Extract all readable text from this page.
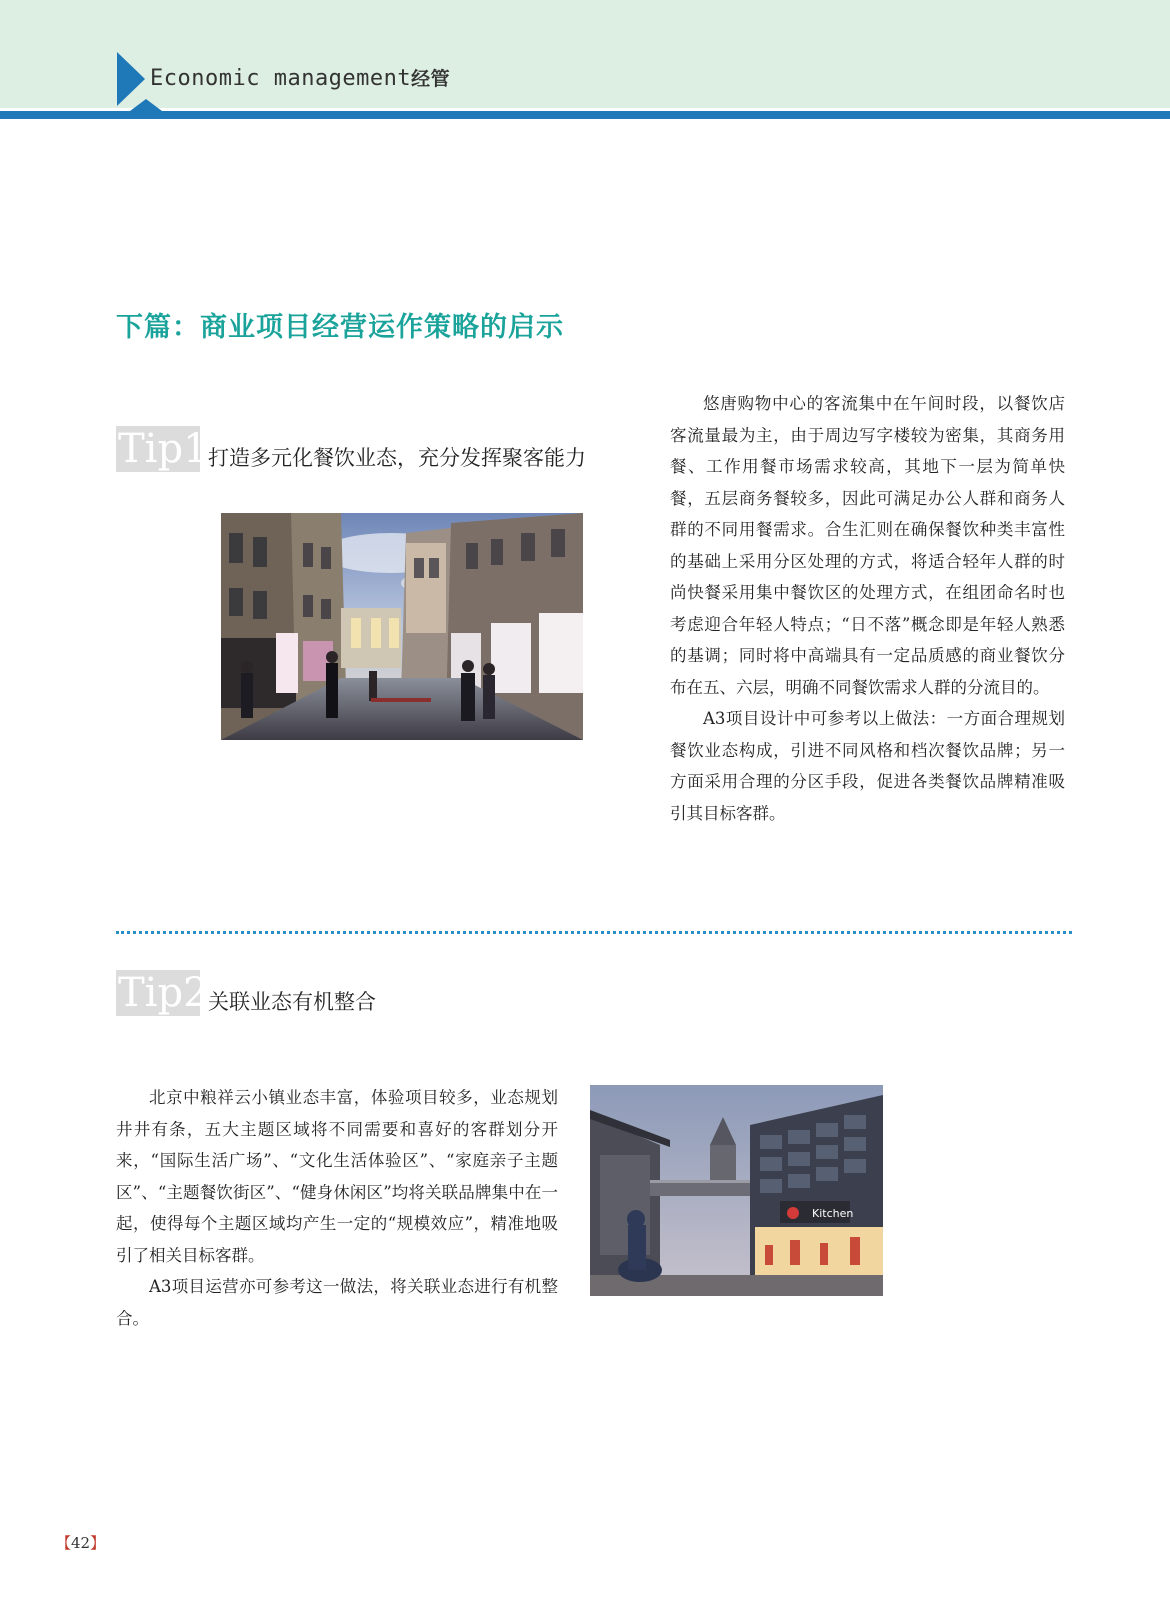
Economic management经管
下篇：商业项目经营运作策略的启示
Tip1 打造多元化餐饮业态，充分发挥聚客能力

悠唐购物中心的客流集中在午间时段，以餐饮店客流量最为主，由于周边写字楼较为密集，其商务用餐、工作用餐市场需求较高，其地下一层为简单快餐，五层商务餐较多，因此可满足办公人群和商务人群的不同用餐需求。合生汇则在确保餐饮种类丰富性的基础上采用分区处理的方式，将适合轻年人群的时尚快餐采用集中餐饮区的处理方式，在组团命名时也考虑迎合年轻人特点；“日不落”概念即是年轻人熟悉的基调；同时将中高端具有一定品质感的商业餐饮分布在五、六层，明确不同餐饮需求人群的分流目的。

A3项目设计中可参考以上做法：一方面合理规划餐饮业态构成，引进不同风格和档次餐饮品牌；另一方面采用合理的分区手段，促进各类餐饮品牌精准吸引其目标客群。

Tip2 关联业态有机整合

北京中粮祥云小镇业态丰富，体验项目较多，业态规划井井有条，五大主题区域将不同需要和喜好的客群划分开来，“国际生活广场”、“文化生活体验区”、“家庭亲子主题区”、“主题餐饮街区”、“健身休闲区”均将关联品牌集中在一起，使得每个主题区域均产生一定的“规模效应”，精准地吸引了相关目标客群。

A3项目运营亦可参考这一做法，将关联业态进行有机整合。

Kitchen
【42】
